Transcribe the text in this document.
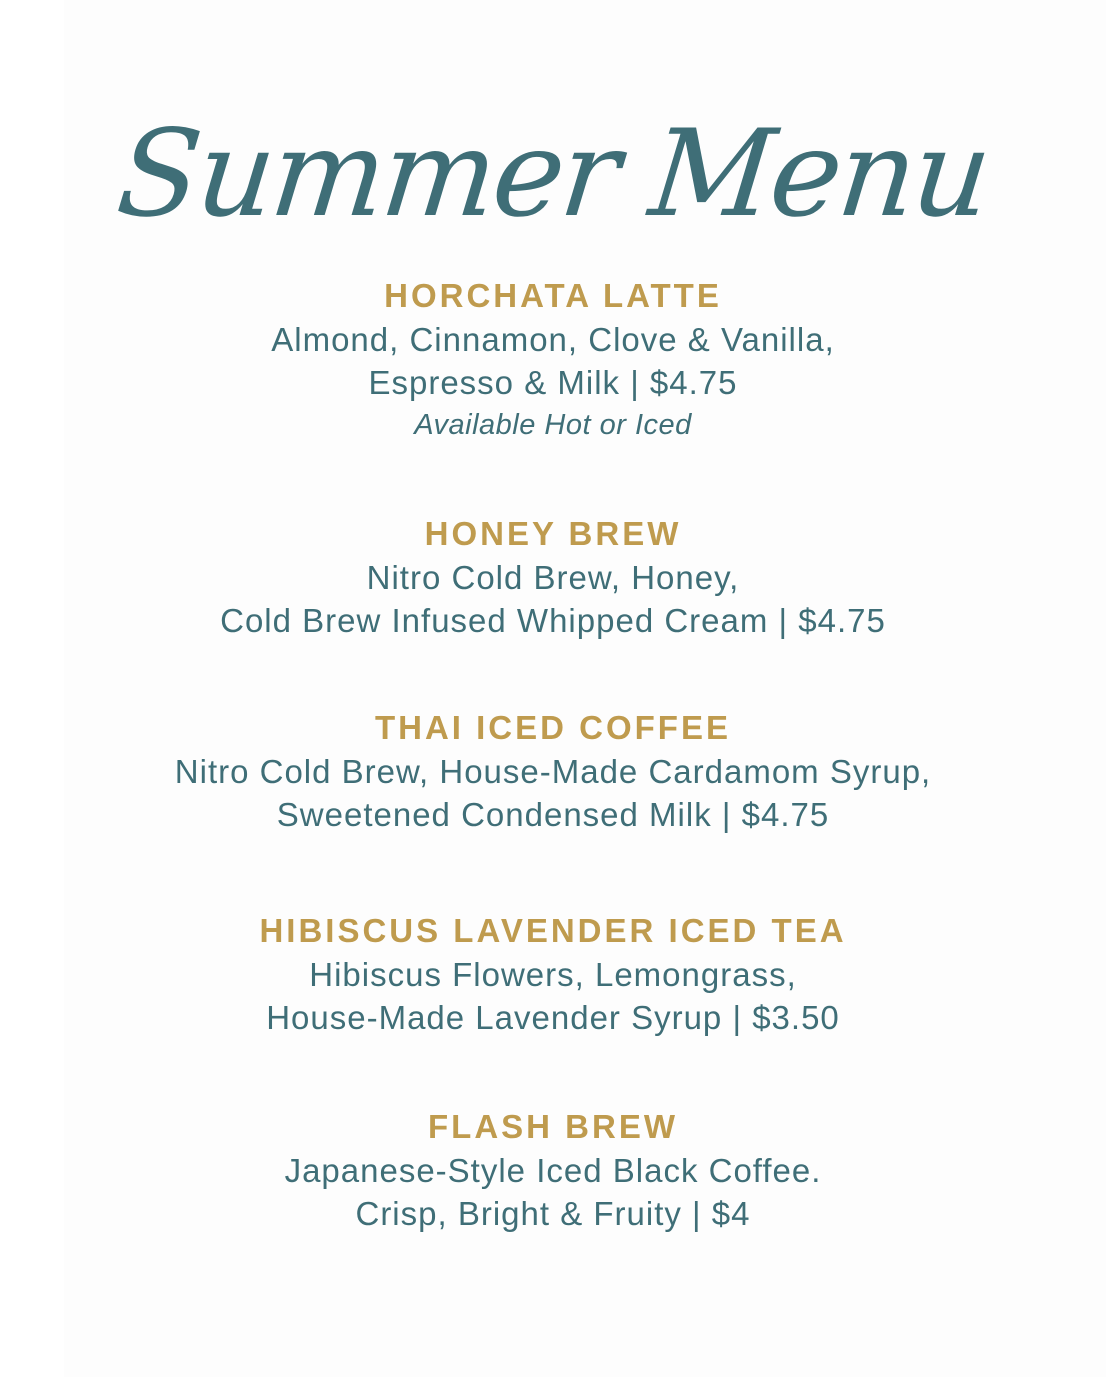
Summer Menu
HORCHATA LATTE
Almond, Cinnamon, Clove & Vanilla,
Espresso & Milk | $4.75
Available Hot or Iced
HONEY BREW
Nitro Cold Brew, Honey,
Cold Brew Infused Whipped Cream | $4.75
THAI ICED COFFEE
Nitro Cold Brew, House-Made Cardamom Syrup,
Sweetened Condensed Milk | $4.75
HIBISCUS LAVENDER ICED TEA
Hibiscus Flowers, Lemongrass,
House-Made Lavender Syrup | $3.50
FLASH BREW
Japanese-Style Iced Black Coffee.
Crisp, Bright & Fruity | $4
